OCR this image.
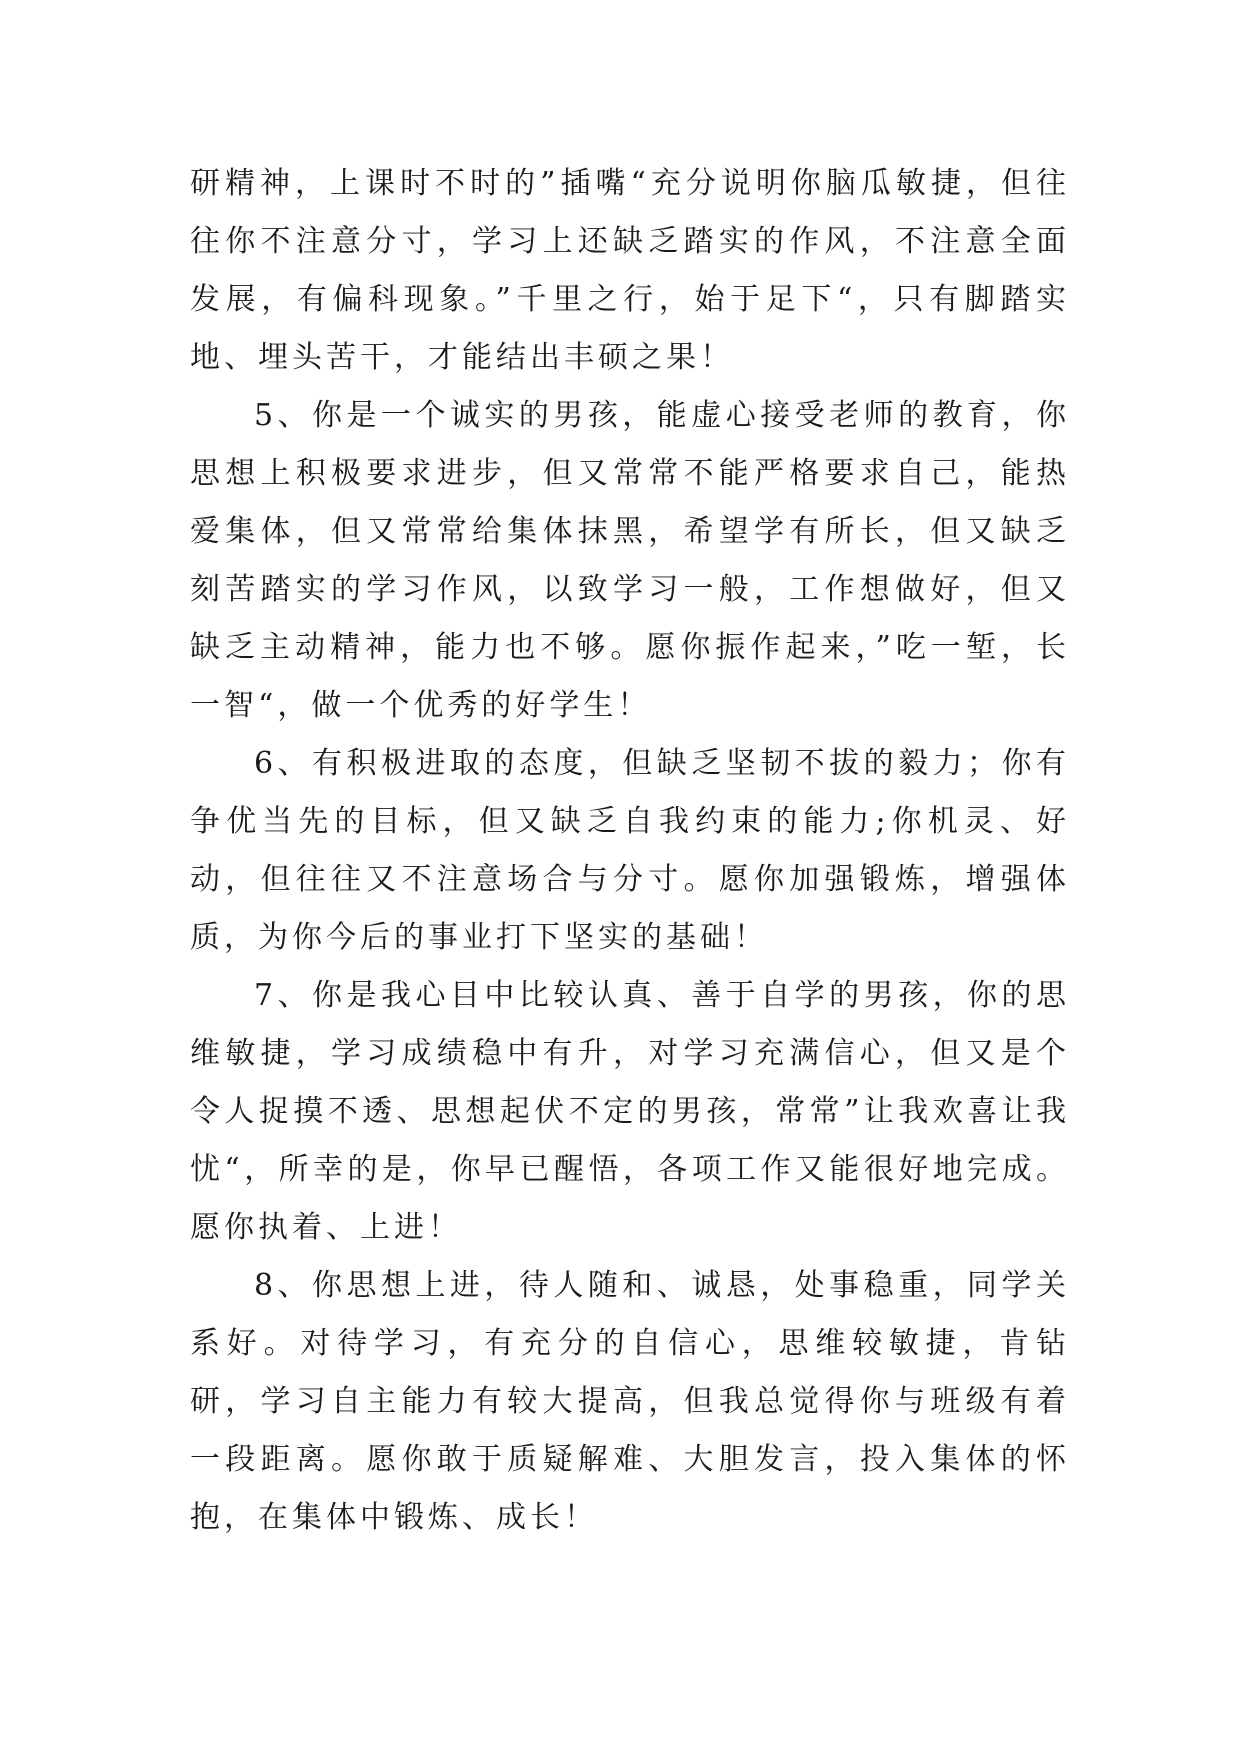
研精神，上课时不时的”插嘴“充分说明你脑瓜敏捷，但往往你不注意分寸，学习上还缺乏踏实的作风，不注意全面发展，有偏科现象。”千里之行，始于足下“，只有脚踏实地、埋头苦干，才能结出丰硕之果！

5、你是一个诚实的男孩，能虚心接受老师的教育，你思想上积极要求进步，但又常常不能严格要求自己，能热爱集体，但又常常给集体抹黑，希望学有所长，但又缺乏刻苦踏实的学习作风，以致学习一般，工作想做好，但又缺乏主动精神，能力也不够。愿你振作起来，”吃一堑，长一智“，做一个优秀的好学生！

6、有积极进取的态度，但缺乏坚韧不拔的毅力；你有争优当先的目标，但又缺乏自我约束的能力;你机灵、好动，但往往又不注意场合与分寸。愿你加强锻炼，增强体质，为你今后的事业打下坚实的基础！

7、你是我心目中比较认真、善于自学的男孩，你的思维敏捷，学习成绩稳中有升，对学习充满信心，但又是个令人捉摸不透、思想起伏不定的男孩，常常”让我欢喜让我忧“，所幸的是，你早已醒悟，各项工作又能很好地完成。愿你执着、上进！

8、你思想上进，待人随和、诚恳，处事稳重，同学关系好。对待学习，有充分的自信心，思维较敏捷，肯钻研，学习自主能力有较大提高，但我总觉得你与班级有着一段距离。愿你敢于质疑解难、大胆发言，投入集体的怀抱，在集体中锻炼、成长！
